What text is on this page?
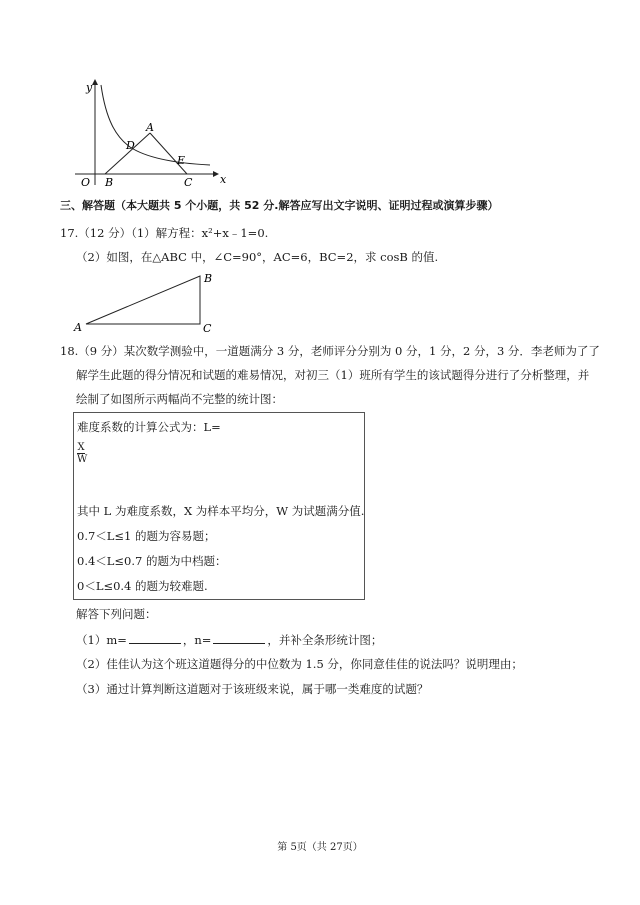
y
x
O
A
B	C
D
E
三、解答题（本大题共 5 个小题，共 52 分.解答应写出文字说明、证明过程或演算步骤）
17.（12 分）（1）解方程：x²+x﹣1=0.
（2）如图，在△ABC 中，∠C=90°，AC=6，BC=2，求 cosB 的值.
A
B
C
18.（9 分）某次数学测验中，一道题满分 3 分，老师评分分别为 0 分，1 分，2 分，3 分．李老师为了了
解学生此题的得分情况和试题的难易情况，对初三（1）班所有学生的该试题得分进行了分析整理，并
绘制了如图所示两幅尚不完整的统计图：
难度系数的计算公式为：L=
$\frac{X}{W}$
其中 L 为难度系数，X 为样本平均分，W 为试题满分值.
0.7＜L≤1 的题为容易题；
0.4＜L≤0.7 的题为中档题：
0＜L≤0.4 的题为较难题.
解答下列问题：
（1）m=	，n=	，并补全条形统计图；
（2）佳佳认为这个班这道题得分的中位数为 1.5 分，你同意佳佳的说法吗？说明理由；
（3）通过计算判断这道题对于该班级来说，属于哪一类难度的试题？
第 5页（共 27页）
